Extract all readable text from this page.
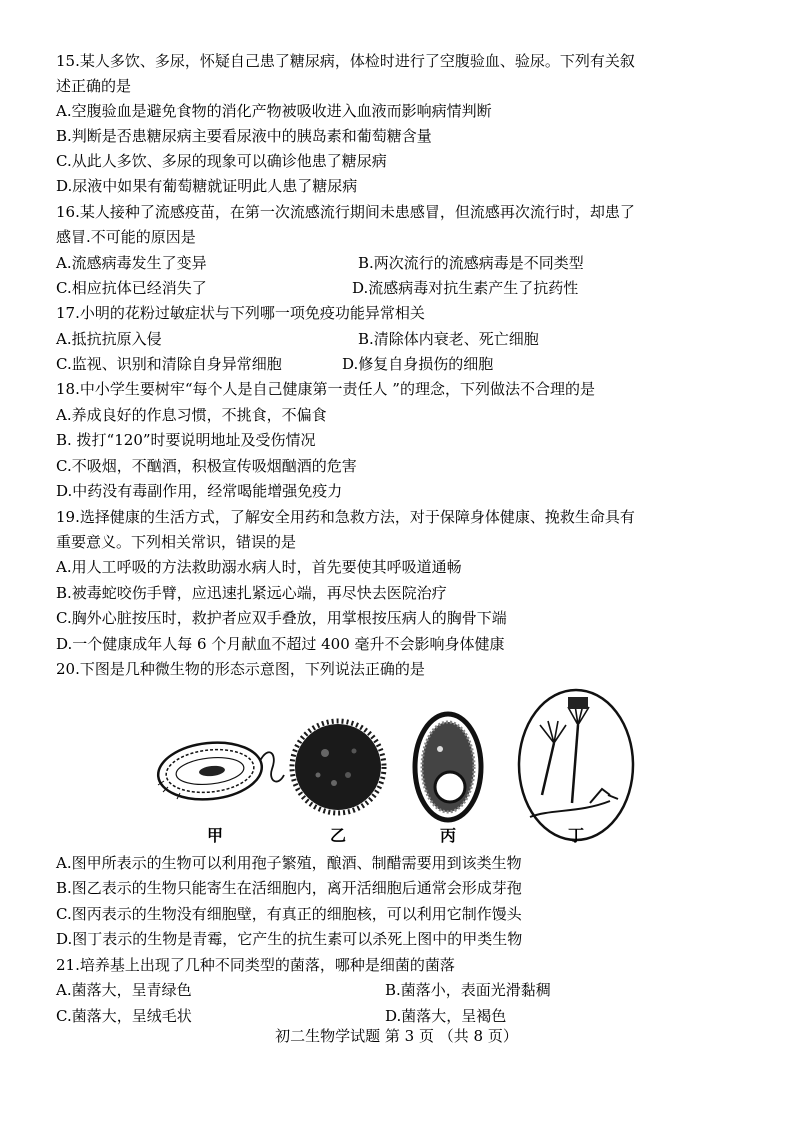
15.某人多饮、多尿，怀疑自己患了糖尿病，体检时进行了空腹验血、验尿。下列有关叙
述正确的是
A.空腹验血是避免食物的消化产物被吸收进入血液而影响病情判断
B.判断是否患糖尿病主要看尿液中的胰岛素和葡萄糖含量
C.从此人多饮、多尿的现象可以确诊他患了糖尿病
D.尿液中如果有葡萄糖就证明此人患了糖尿病
16.某人接种了流感疫苗，在第一次流感流行期间未患感冒，但流感再次流行时，却患了
感冒.不可能的原因是
A.流感病毒发生了变异	B.两次流行的流感病毒是不同类型
C.相应抗体已经消失了	D.流感病毒对抗生素产生了抗药性
17.小明的花粉过敏症状与下列哪一项免疫功能异常相关
A.抵抗抗原入侵	B.清除体内衰老、死亡细胞
C.监视、识别和清除自身异常细胞	D.修复自身损伤的细胞
18.中小学生要树牢“每个人是自己健康第一责任人 ”的理念，下列做法不合理的是
A.养成良好的作息习惯，不挑食，不偏食
B. 拨打“120”时要说明地址及受伤情况
C.不吸烟，不酗酒，积极宣传吸烟酗酒的危害
D.中药没有毒副作用，经常喝能增强免疫力
19.选择健康的生活方式，了解安全用药和急救方法，对于保障身体健康、挽救生命具有
重要意义。下列相关常识，错误的是
A.用人工呼吸的方法救助溺水病人时，首先要使其呼吸道通畅
B.被毒蛇咬伤手臂，应迅速扎紧远心端，再尽快去医院治疗
C.胸外心脏按压时，救护者应双手叠放，用掌根按压病人的胸骨下端
D.一个健康成年人每 6 个月献血不超过 400 毫升不会影响身体健康
20.下图是几种微生物的形态示意图，下列说法正确的是
甲	乙	丙	丁
A.图甲所表示的生物可以利用孢子繁殖，酿酒、制醋需要用到该类生物
B.图乙表示的生物只能寄生在活细胞内，离开活细胞后通常会形成芽孢
C.图丙表示的生物没有细胞壁，有真正的细胞核，可以利用它制作馒头
D.图丁表示的生物是青霉，它产生的抗生素可以杀死上图中的甲类生物
21.培养基上出现了几种不同类型的菌落，哪种是细菌的菌落
A.菌落大，呈青绿色	B.菌落小，表面光滑黏稠
C.菌落大，呈绒毛状	D.菌落大，呈褐色
初二生物学试题 第 3 页 （共 8 页）
